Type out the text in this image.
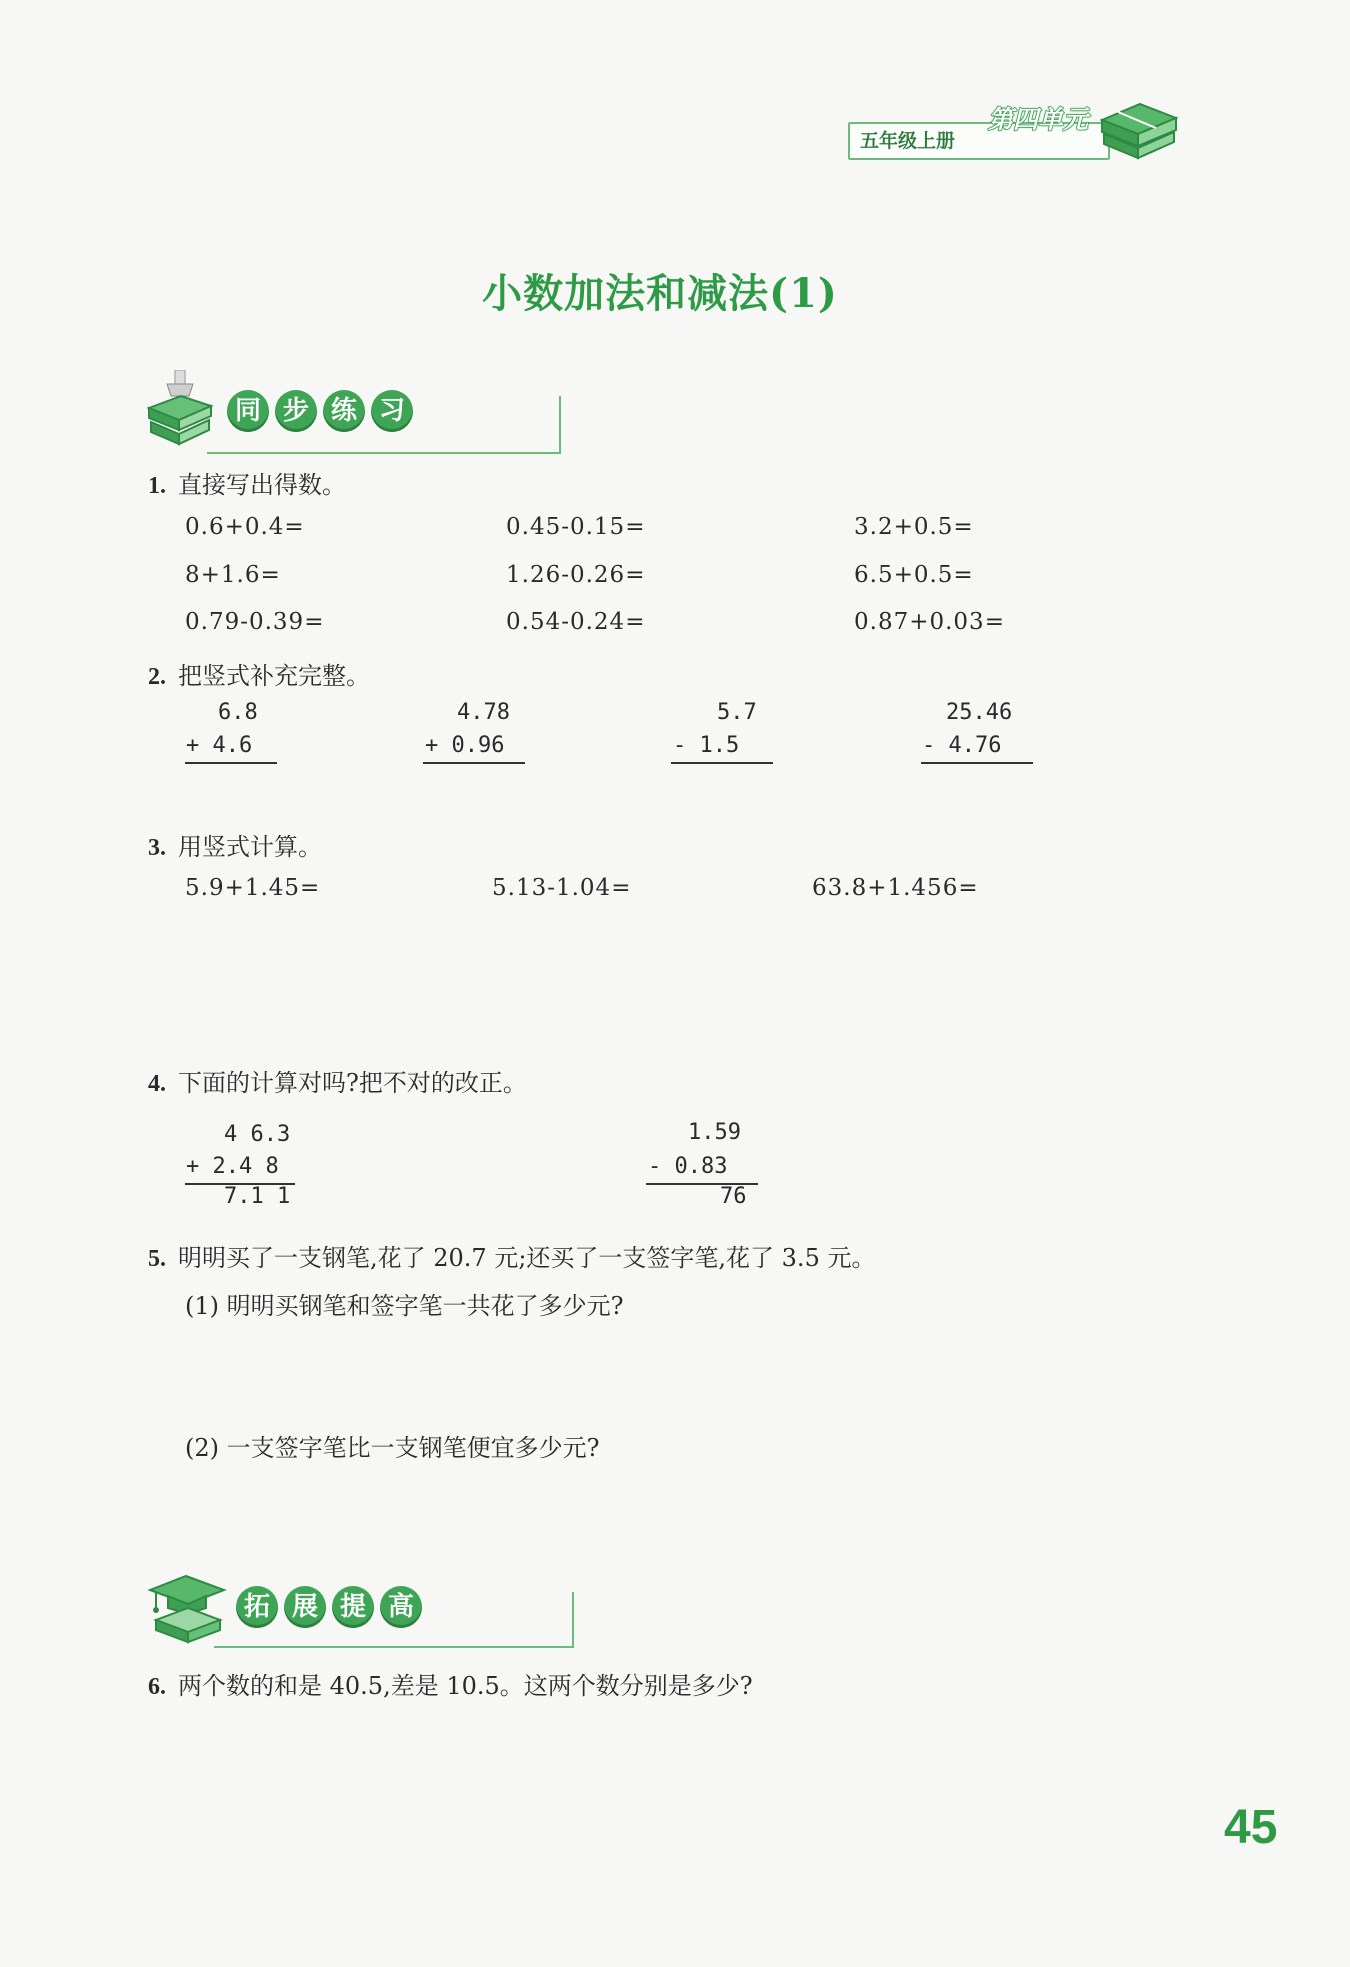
五年级上册
第四单元
小数加法和减法(1)
同 步 练 习
1. 直接写出得数。
0.6+0.4=	0.45-0.15=	3.2+0.5=
8+1.6=	1.26-0.26=	6.5+0.5=
0.79-0.39=	0.54-0.24=	0.87+0.03=
2. 把竖式补充完整。
6.8
+ 4.6
4.78
+ 0.96
5.7
- 1.5
25.46
- 4.76
3. 用竖式计算。
5.9+1.45=	5.13-1.04=	63.8+1.456=
4. 下面的计算对吗?把不对的改正。
4 6.3
+ 2.4 8
7.1 1
1.59
- 0.83
76
5. 明明买了一支钢笔,花了 20.7 元;还买了一支签字笔,花了 3.5 元。
(1) 明明买钢笔和签字笔一共花了多少元?
(2) 一支签字笔比一支钢笔便宜多少元?
拓 展 提 高
6. 两个数的和是 40.5,差是 10.5。这两个数分别是多少?
45
